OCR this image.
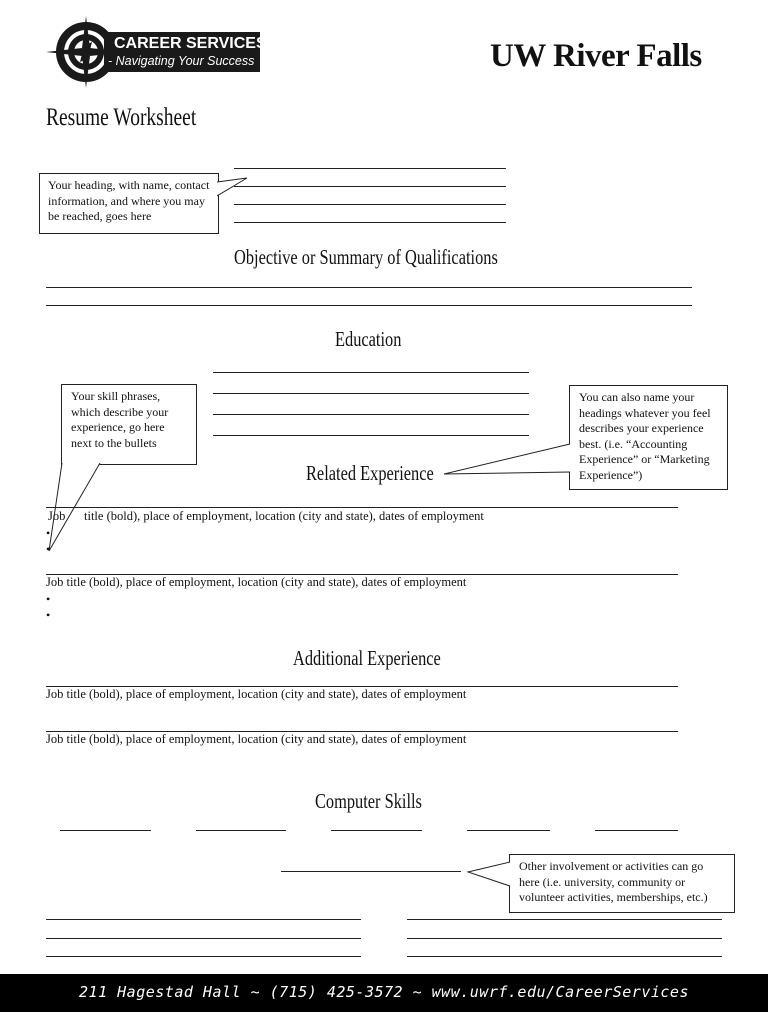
CAREER SERVICES
- Navigating Your Success	UW River Falls
Resume Worksheet
Your heading, with name, contact information, and where you may be reached, goes here
Objective or Summary of Qualifications
Education
Your skill phrases, which describe your experience, go here next to the bullets
You can also name your headings whatever you feel describes your experience best. (i.e. “Accounting Experience” or “Marketing Experience”)
Related Experience
Job title (bold), place of employment, location (city and state), dates of employment
•
•
Job title (bold), place of employment, location (city and state), dates of employment
•
•
Additional Experience
Job title (bold), place of employment, location (city and state), dates of employment
Job title (bold), place of employment, location (city and state), dates of employment
Computer Skills
Other involvement or activities can go here (i.e. university, community or volunteer activities, memberships, etc.)
211 Hagestad Hall ~ (715) 425-3572 ~ www.uwrf.edu/CareerServices
